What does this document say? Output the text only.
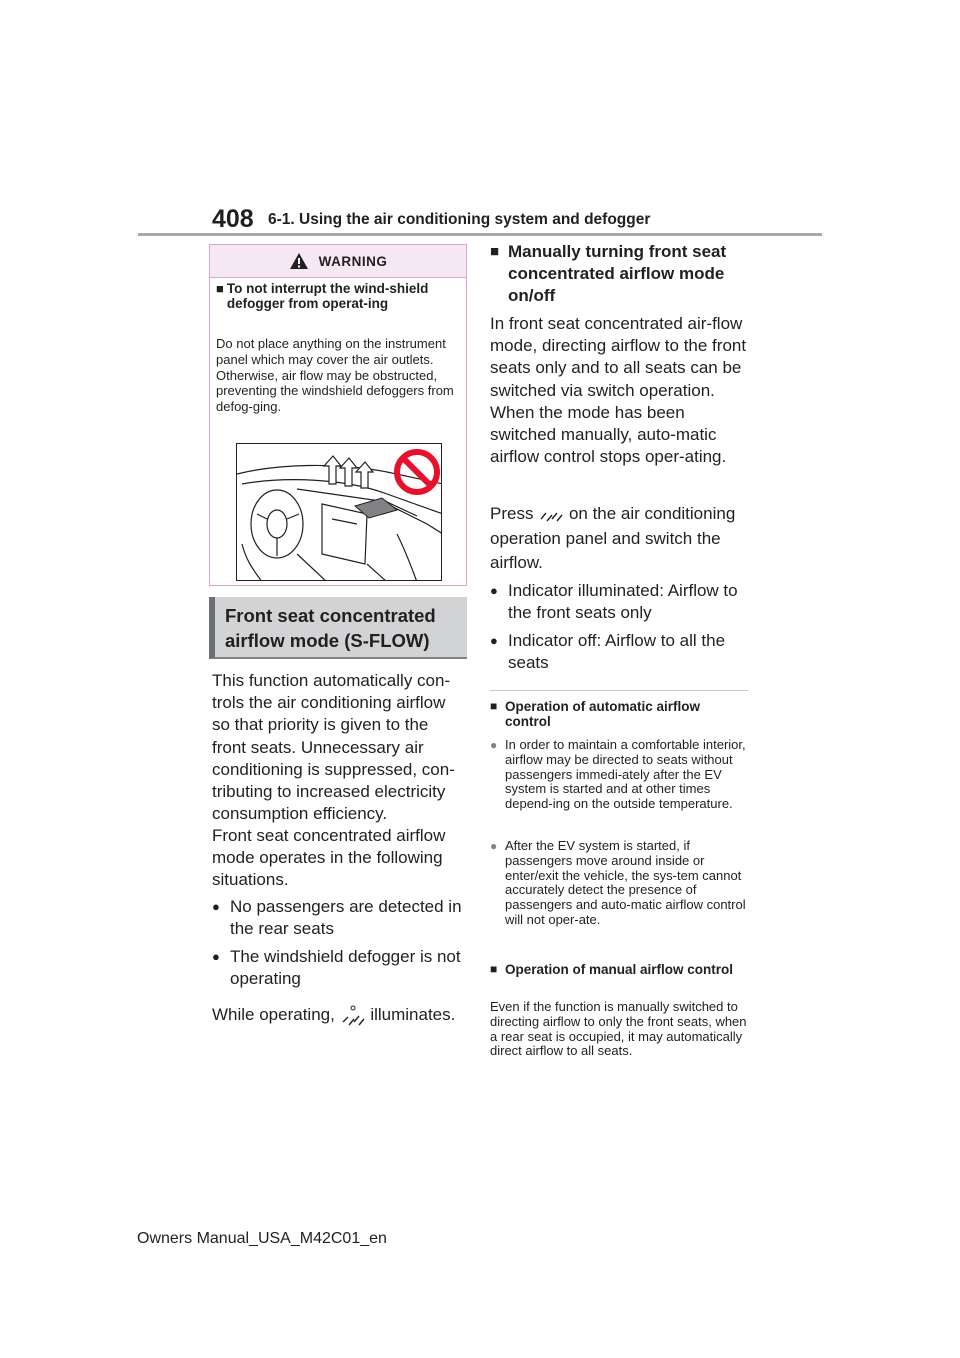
408 6-1. Using the air conditioning system and defogger
WARNING
■ To not interrupt the wind-shield defogger from operat-ing
Do not place anything on the instrument panel which may cover the air outlets. Otherwise, air flow may be obstructed, preventing the windshield defoggers from defog-ging.
Front seat concentrated airflow mode (S-FLOW)
This function automatically con-trols the air conditioning airflow so that priority is given to the front seats. Unnecessary air conditioning is suppressed, con-tributing to increased electricity consumption efficiency.
Front seat concentrated airflow mode operates in the following situations.
● No passengers are detected in the rear seats
● The windshield defogger is not operating
While operating, illuminates.
■ Manually turning front seat concentrated airflow mode on/off
In front seat concentrated air-flow mode, directing airflow to the front seats only and to all seats can be switched via switch operation. When the mode has been switched manually, auto-matic airflow control stops oper-ating.
Press on the air conditioning operation panel and switch the airflow.
● Indicator illuminated: Airflow to the front seats only
● Indicator off: Airflow to all the seats
■ Operation of automatic airflow control
● In order to maintain a comfortable interior, airflow may be directed to seats without passengers immedi-ately after the EV system is started and at other times depend-ing on the outside temperature.
● After the EV system is started, if passengers move around inside or enter/exit the vehicle, the sys-tem cannot accurately detect the presence of passengers and auto-matic airflow control will not oper-ate.
■ Operation of manual airflow control
Even if the function is manually switched to directing airflow to only the front seats, when a rear seat is occupied, it may automatically direct airflow to all seats.
Owners Manual_USA_M42C01_en
